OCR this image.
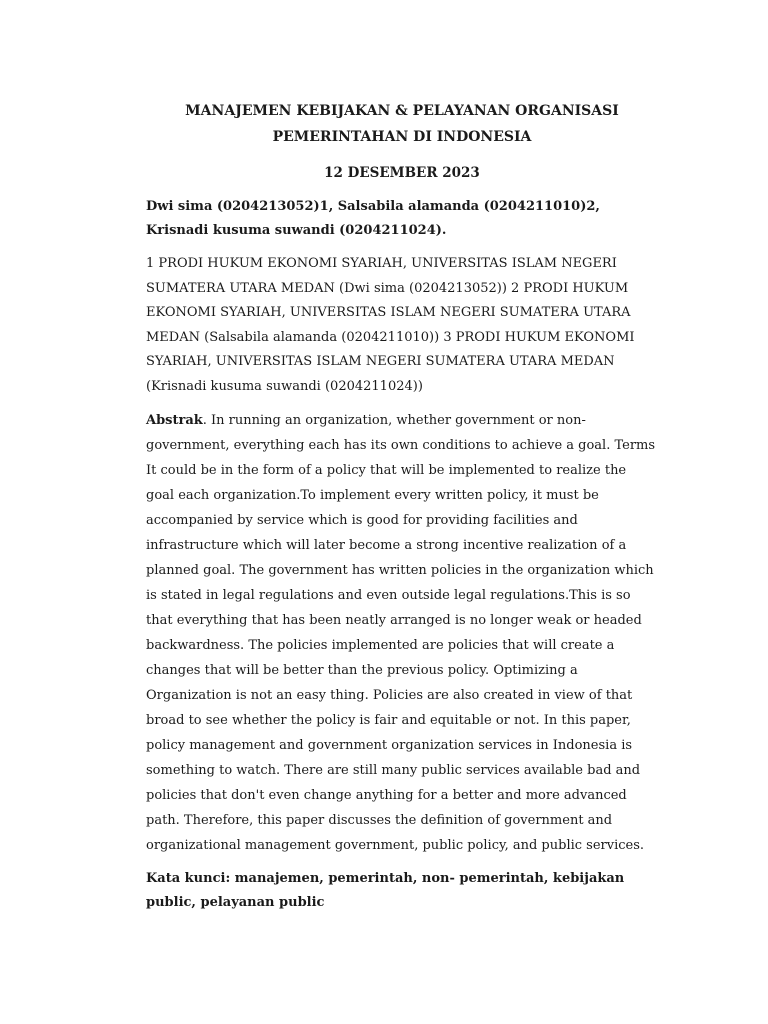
MANAJEMEN KEBIJAKAN & PELAYANAN ORGANISASI
PEMERINTAHAN DI INDONESIA

12 DESEMBER 2023

Dwi sima (0204213052)1, Salsabila alamanda (0204211010)2, Krisnadi kusuma suwandi (0204211024).

1 PRODI HUKUM EKONOMI SYARIAH, UNIVERSITAS ISLAM NEGERI SUMATERA UTARA MEDAN (Dwi sima (0204213052)) 2 PRODI HUKUM EKONOMI SYARIAH, UNIVERSITAS ISLAM NEGERI SUMATERA UTARA MEDAN (Salsabila alamanda (0204211010)) 3 PRODI HUKUM EKONOMI SYARIAH, UNIVERSITAS ISLAM NEGERI SUMATERA UTARA MEDAN (Krisnadi kusuma suwandi (0204211024))

Abstrak. In running an organization, whether government or non-government, everything each has its own conditions to achieve a goal. Terms It could be in the form of a policy that will be implemented to realize the goal each organization.To implement every written policy, it must be accompanied by service which is good for providing facilities and infrastructure which will later become a strong incentive realization of a planned goal. The government has written policies in the organization which is stated in legal regulations and even outside legal regulations.This is so that everything that has been neatly arranged is no longer weak or headed backwardness. The policies implemented are policies that will create a changes that will be better than the previous policy. Optimizing a Organization is not an easy thing. Policies are also created in view of that broad to see whether the policy is fair and equitable or not. In this paper, policy management and government organization services in Indonesia is something to watch. There are still many public services available bad and policies that don't even change anything for a better and more advanced path. Therefore, this paper discusses the definition of government and organizational management government, public policy, and public services.

Kata kunci: manajemen, pemerintah, non- pemerintah, kebijakan public, pelayanan public
